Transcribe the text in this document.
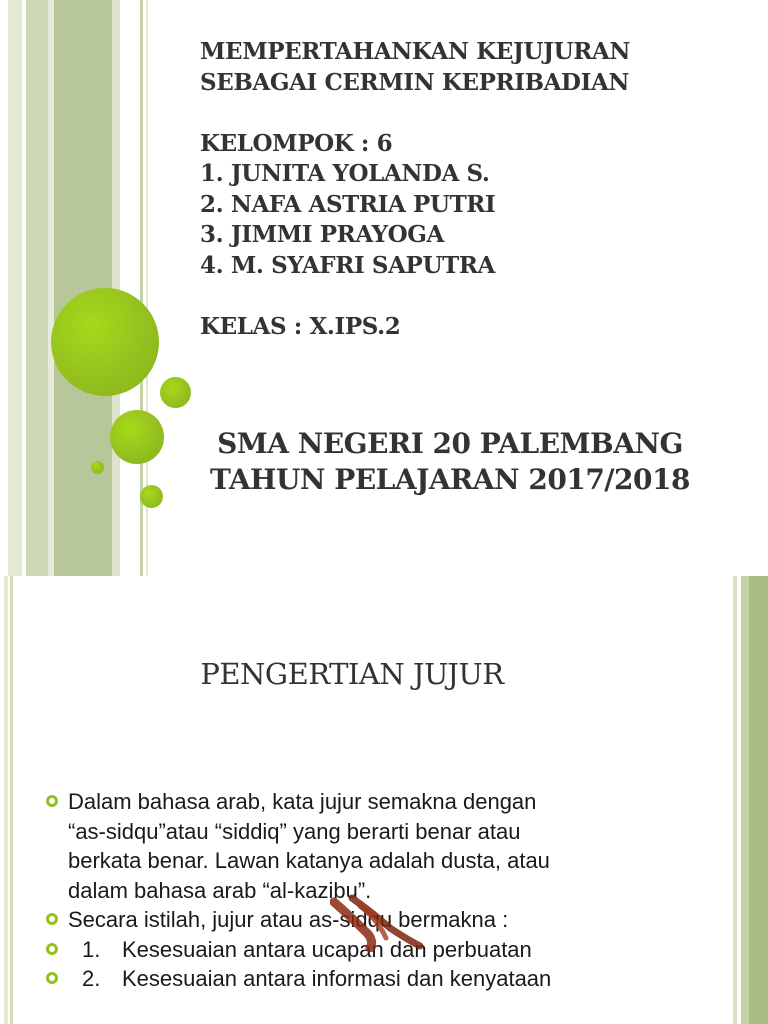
MEMPERTAHANKAN KEJUJURAN
SEBAGAI CERMIN KEPRIBADIAN
KELOMPOK : 6
1. JUNITA YOLANDA S.
2. NAFA ASTRIA PUTRI
3. JIMMI PRAYOGA
4. M. SYAFRI SAPUTRA
KELAS : X.IPS.2
SMA NEGERI 20 PALEMBANG
TAHUN PELAJARAN 2017/2018
PENGERTIAN JUJUR
Dalam bahasa arab, kata jujur semakna dengan
“as-sidqu”atau “siddiq” yang berarti benar atau
berkata benar. Lawan katanya adalah dusta, atau
dalam bahasa arab “al-kazibu”.
Secara istilah, jujur atau as-sidqu bermakna :
1. Kesesuaian antara ucapan dan perbuatan
2. Kesesuaian antara informasi dan kenyataan
